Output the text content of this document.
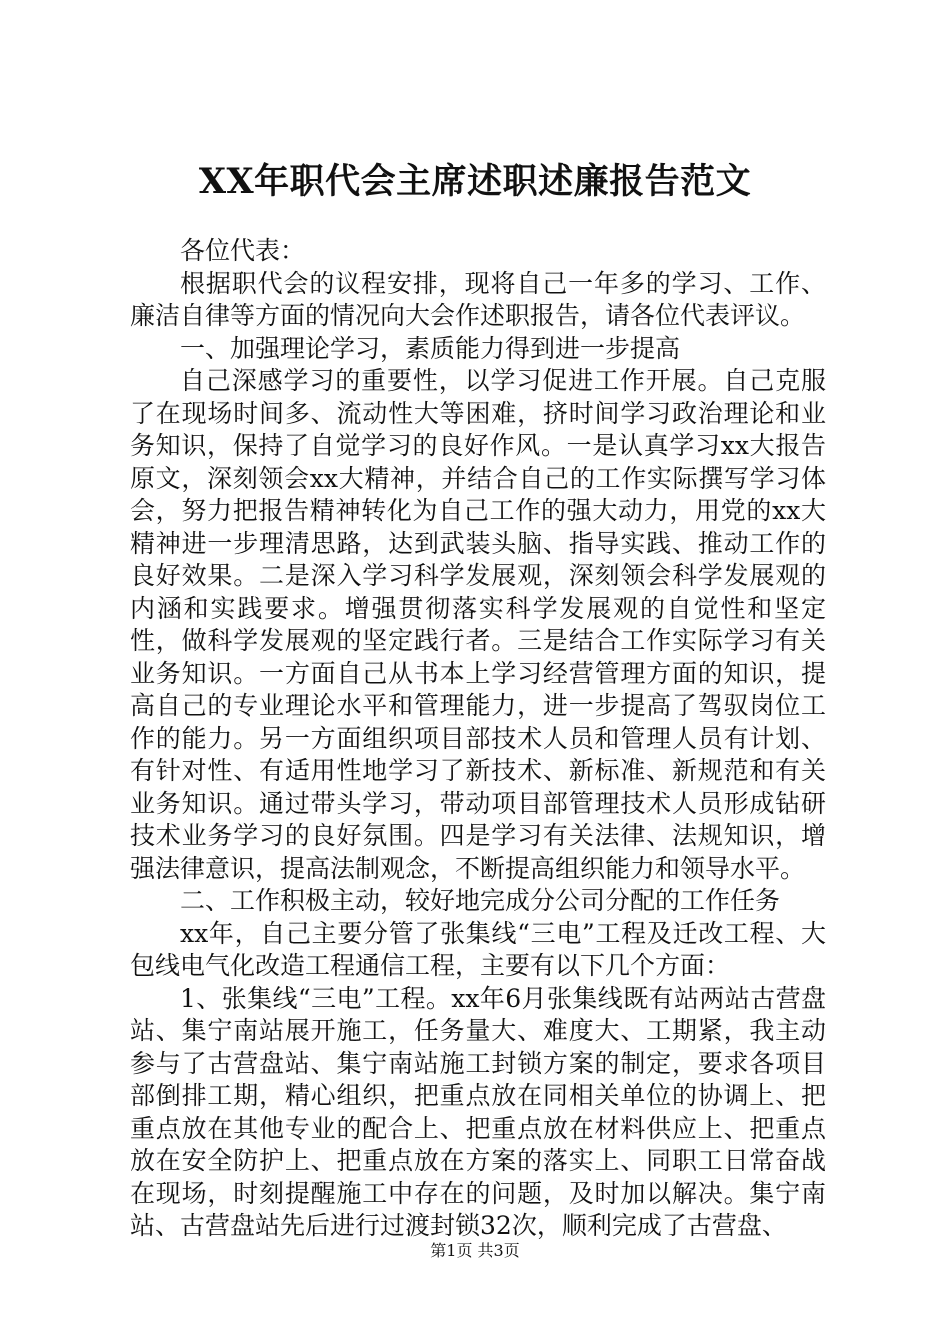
XX年职代会主席述职述廉报告范文

各位代表：

根据职代会的议程安排，现将自己一年多的学习、工作、廉洁自律等方面的情况向大会作述职报告，请各位代表评议。

一、加强理论学习，素质能力得到进一步提高

自己深感学习的重要性，以学习促进工作开展。自己克服了在现场时间多、流动性大等困难，挤时间学习政治理论和业务知识，保持了自觉学习的良好作风。一是认真学习xx大报告原文，深刻领会xx大精神，并结合自己的工作实际撰写学习体会，努力把报告精神转化为自己工作的强大动力，用党的xx大精神进一步理清思路，达到武装头脑、指导实践、推动工作的良好效果。二是深入学习科学发展观，深刻领会科学发展观的内涵和实践要求。增强贯彻落实科学发展观的自觉性和坚定性，做科学发展观的坚定践行者。三是结合工作实际学习有关业务知识。一方面自己从书本上学习经营管理方面的知识，提高自己的专业理论水平和管理能力，进一步提高了驾驭岗位工作的能力。另一方面组织项目部技术人员和管理人员有计划、有针对性、有适用性地学习了新技术、新标准、新规范和有关业务知识。通过带头学习，带动项目部管理技术人员形成钻研技术业务学习的良好氛围。四是学习有关法律、法规知识，增强法律意识，提高法制观念，不断提高组织能力和领导水平。

二、工作积极主动，较好地完成分公司分配的工作任务

xx年，自己主要分管了张集线“三电”工程及迁改工程、大包线电气化改造工程通信工程，主要有以下几个方面：

1、张集线“三电”工程。xx年6月张集线既有站两站古营盘站、集宁南站展开施工，任务量大、难度大、工期紧，我主动参与了古营盘站、集宁南站施工封锁方案的制定，要求各项目部倒排工期，精心组织，把重点放在同相关单位的协调上、把重点放在其他专业的配合上、把重点放在材料供应上、把重点放在安全防护上、把重点放在方案的落实上、同职工日常奋战在现场，时刻提醒施工中存在的问题，及时加以解决。集宁南站、古营盘站先后进行过渡封锁32次，顺利完成了古营盘、

第1页 共3页
